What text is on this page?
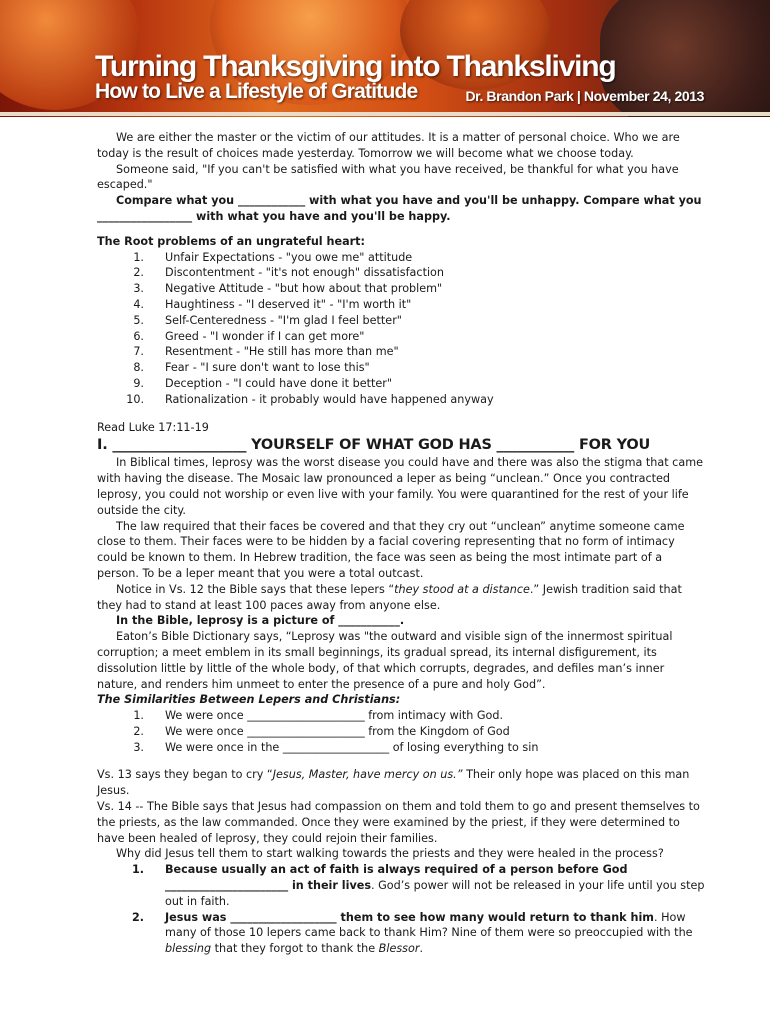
Turning Thanksgiving into Thanksliving
How to Live a Lifestyle of Gratitude	Dr. Brandon Park | November 24, 2013

We are either the master or the victim of our attitudes. It is a matter of personal choice. Who we are today is the result of choices made yesterday. Tomorrow we will become what we choose today.

Someone said, "If you can't be satisfied with what you have received, be thankful for what you have escaped."

Compare what you ____________ with what you have and you'll be unhappy. Compare what you _________________ with what you have and you'll be happy.

The Root problems of an ungrateful heart:

1.	Unfair Expectations - "you owe me" attitude
2.	Discontentment - "it's not enough" dissatisfaction
3.	Negative Attitude - "but how about that problem"
4.	Haughtiness - "I deserved it" - "I'm worth it"
5.	Self-Centeredness - "I'm glad I feel better"
6.	Greed - "I wonder if I can get more"
7.	Resentment - "He still has more than me"
8.	Fear - "I sure don't want to lose this"
9.	Deception - "I could have done it better"
10.	Rationalization - it probably would have happened anyway

Read Luke 17:11-19

I. ___________________ YOURSELF OF WHAT GOD HAS ___________ FOR YOU

In Biblical times, leprosy was the worst disease you could have and there was also the stigma that came with having the disease. The Mosaic law pronounced a leper as being “unclean.” Once you contracted leprosy, you could not worship or even live with your family. You were quarantined for the rest of your life outside the city.

The law required that their faces be covered and that they cry out “unclean” anytime someone came close to them. Their faces were to be hidden by a facial covering representing that no form of intimacy could be known to them. In Hebrew tradition, the face was seen as being the most intimate part of a person. To be a leper meant that you were a total outcast.

Notice in Vs. 12 the Bible says that these lepers “they stood at a distance.” Jewish tradition said that they had to stand at least 100 paces away from anyone else.

In the Bible, leprosy is a picture of ___________.

Eaton’s Bible Dictionary says, “Leprosy was "the outward and visible sign of the innermost spiritual corruption; a meet emblem in its small beginnings, its gradual spread, its internal disfigurement, its dissolution little by little of the whole body, of that which corrupts, degrades, and defiles man’s inner nature, and renders him unmeet to enter the presence of a pure and holy God”.

The Similarities Between Lepers and Christians:

1.	We were once _____________________ from intimacy with God.
2.	We were once _____________________ from the Kingdom of God
3.	We were once in the ___________________ of losing everything to sin

Vs. 13 says they began to cry “Jesus, Master, have mercy on us.” Their only hope was placed on this man Jesus.

Vs. 14 -- The Bible says that Jesus had compassion on them and told them to go and present themselves to the priests, as the law commanded. Once they were examined by the priest, if they were determined to have been healed of leprosy, they could rejoin their families.

Why did Jesus tell them to start walking towards the priests and they were healed in the process?

1.	Because usually an act of faith is always required of a person before God ______________________ in their lives. God’s power will not be released in your life until you step out in faith.
2.	Jesus was ___________________ them to see how many would return to thank him. How many of those 10 lepers came back to thank Him? Nine of them were so preoccupied with the blessing that they forgot to thank the Blessor.
